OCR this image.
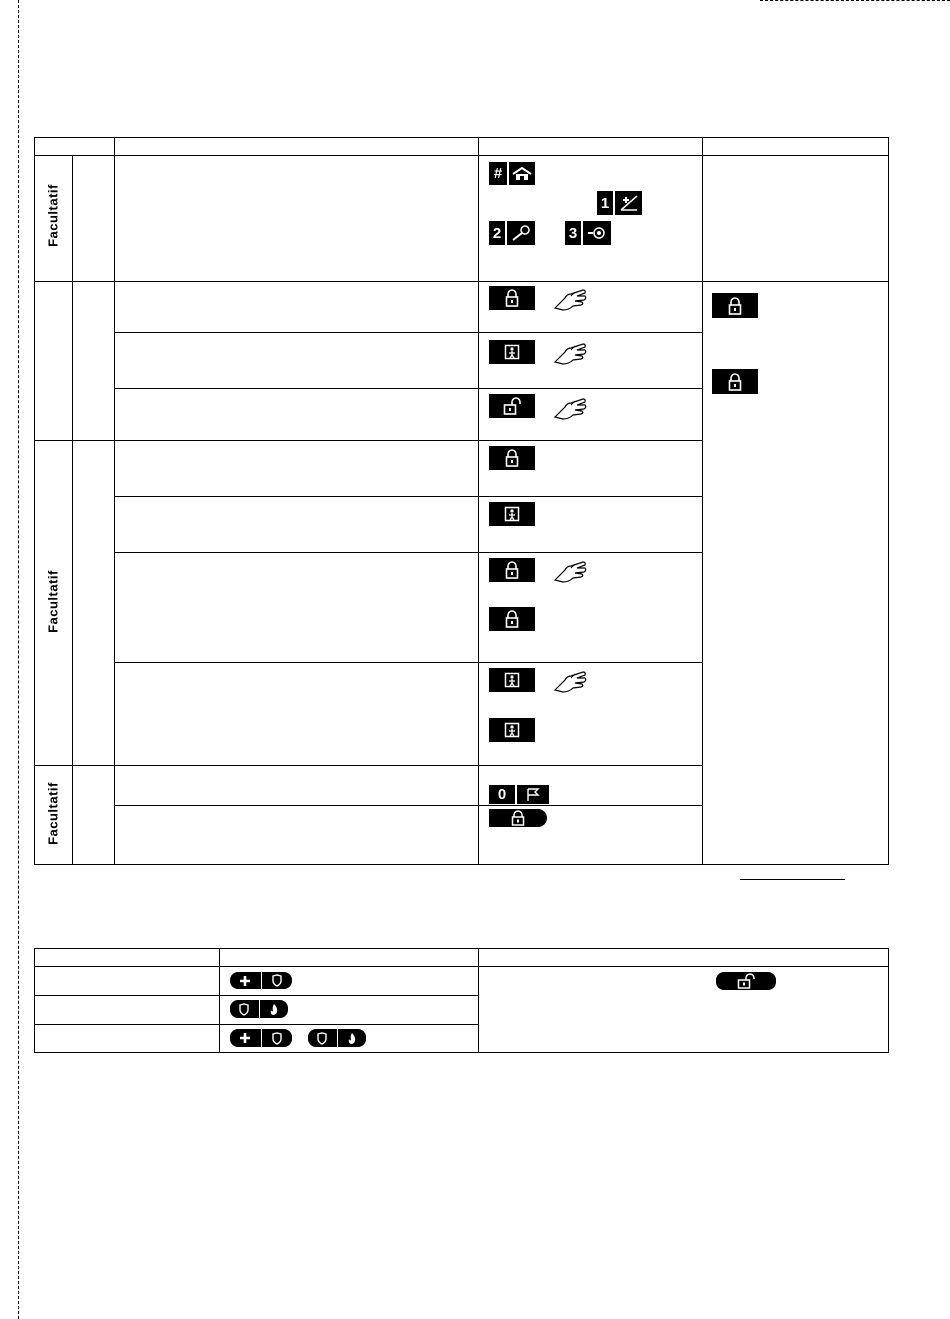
Facultatif
Facultatif
Facultatif
#
1
2	3
0
